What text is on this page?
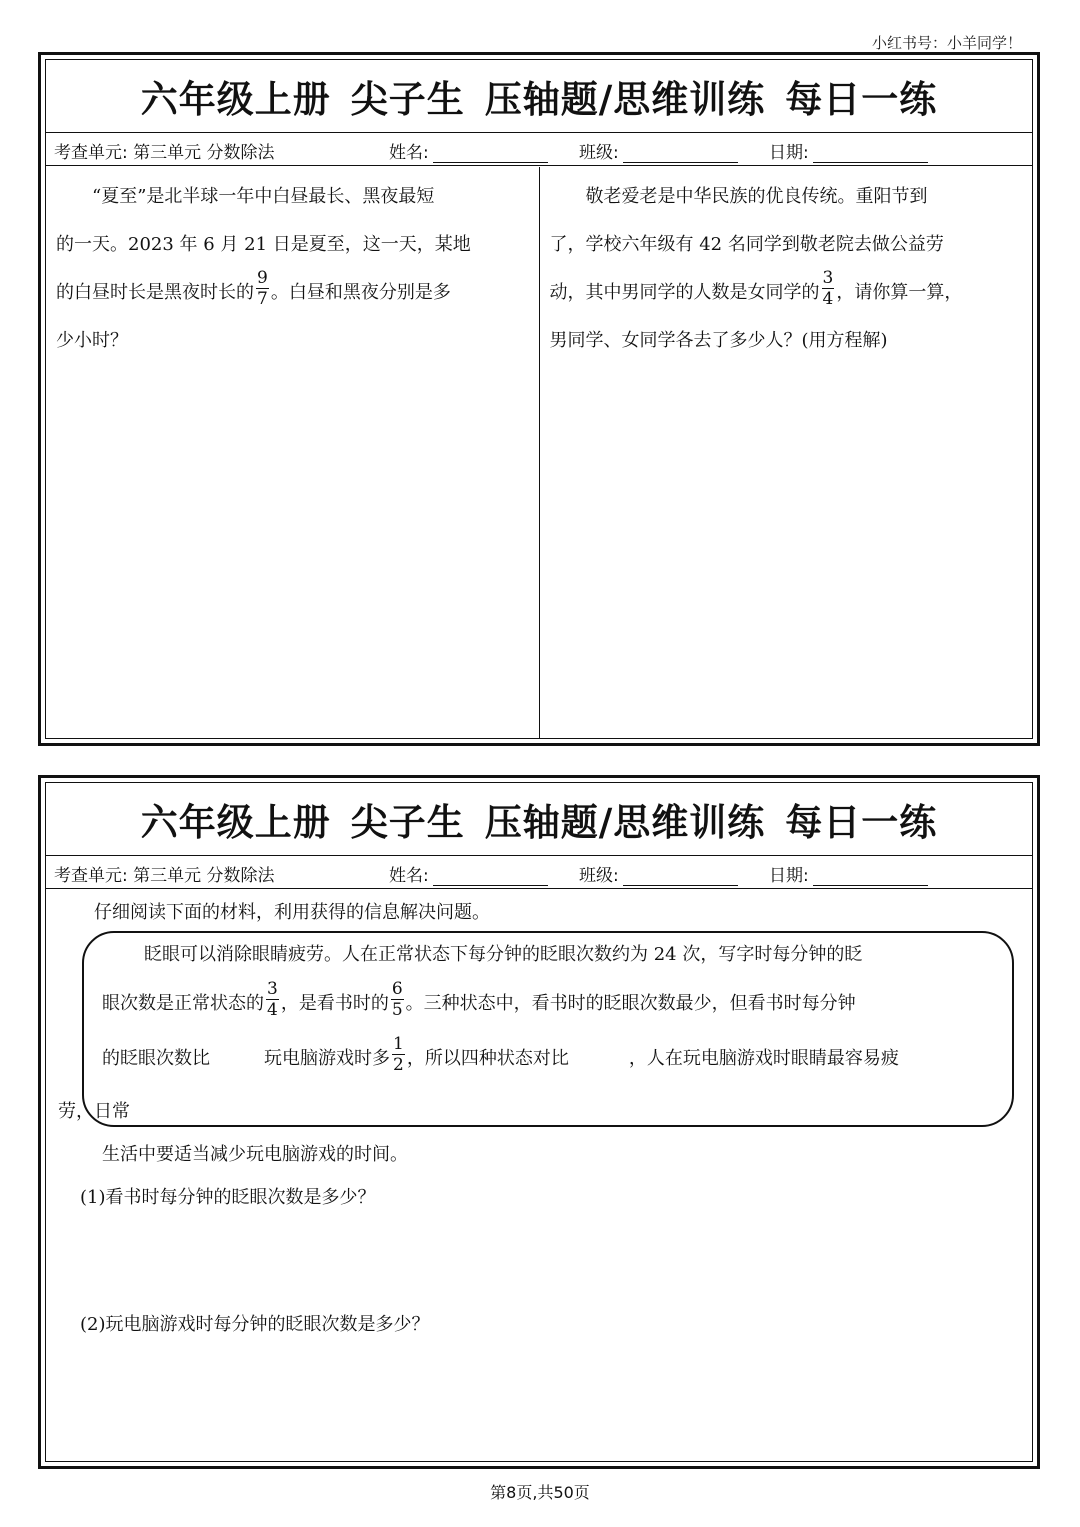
小红书号：小羊同学！
六年级上册 尖子生 压轴题/思维训练 每日一练
考查单元: 第三单元 分数除法	姓名:	班级:	日期:
“夏至”是北半球一年中白昼最长、黑夜最短
的一天。2023 年 6 月 21 日是夏至，这一天，某地
的白昼时长是黑夜时长的 $\frac{9}{7}$ 。白昼和黑夜分别是多
少小时？
敬老爱老是中华民族的优良传统。重阳节到
了，学校六年级有 42 名同学到敬老院去做公益劳
动，其中男同学的人数是女同学的 $\frac{3}{4}$ ，请你算一算，
男同学、女同学各去了多少人？(用方程解)
六年级上册 尖子生 压轴题/思维训练 每日一练
考查单元: 第三单元 分数除法	姓名:	班级:	日期:
仔细阅读下面的材料，利用获得的信息解决问题。
眨眼可以消除眼睛疲劳。人在正常状态下每分钟的眨眼次数约为 24 次，写字时每分钟的眨
眼次数是正常状态的 $\frac{3}{4}$ ，是看书时的 $\frac{6}{5}$ 。三种状态中，看书时的眨眼次数最少，但看书时每分钟
的眨眼次数比	玩电脑游戏时多 $\frac{1}{2}$ ，所以四种状态对比	，人在玩电脑游戏时眼睛最容易疲
劳，日常
生活中要适当减少玩电脑游戏的时间。
(1)看书时每分钟的眨眼次数是多少？
(2)玩电脑游戏时每分钟的眨眼次数是多少？
第8页,共50页
